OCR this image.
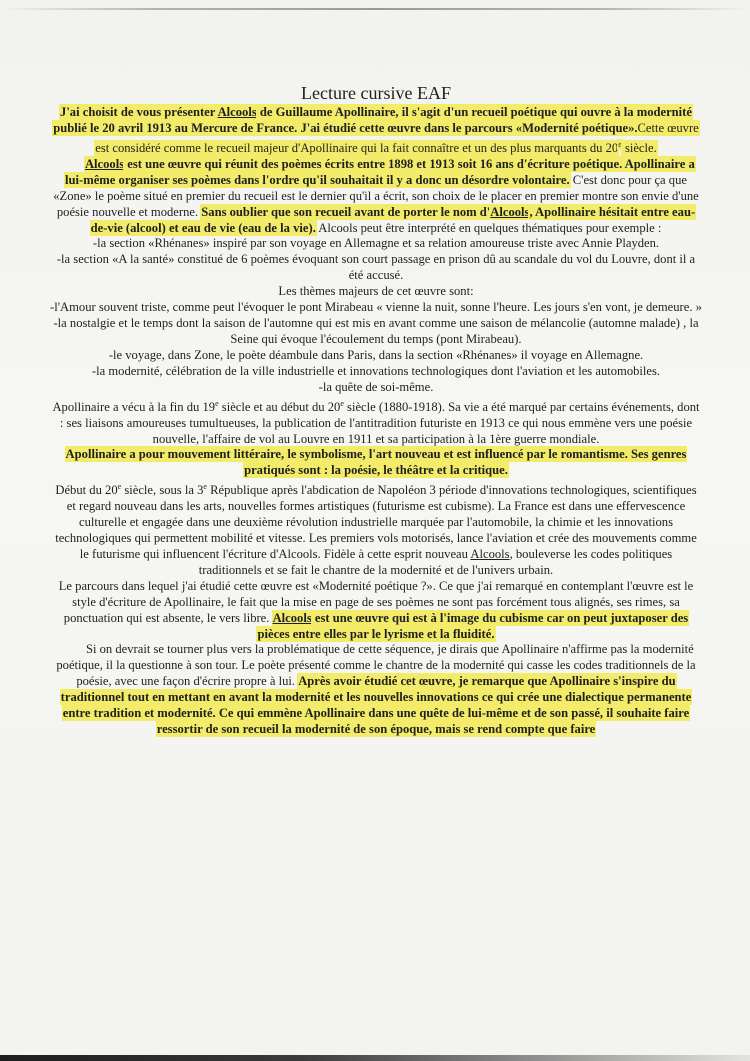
Lecture cursive EAF

J'ai choisit de vous présenter Alcools de Guillaume Apollinaire, il s'agit d'un recueil poétique qui ouvre à la modernité publié le 20 avril 1913 au Mercure de France. J'ai étudié cette œuvre dans le parcours «Modernité poétique».Cette œuvre est considéré comme le recueil majeur d'Apollinaire qui la fait connaître et un des plus marquants du 20e siècle.

Alcools est une œuvre qui réunit des poèmes écrits entre 1898 et 1913 soit 16 ans d'écriture poétique. Apollinaire a lui-même organiser ses poèmes dans l'ordre qu'il souhaitait il y a donc un désordre volontaire. C'est donc pour ça que «Zone» le poème situé en premier du recueil est le dernier qu'il a écrit, son choix de le placer en premier montre son envie d'une poésie nouvelle et moderne. Sans oublier que son recueil avant de porter le nom d'Alcools, Apollinaire hésitait entre eau-de-vie (alcool) et eau de vie (eau de la vie). Alcools peut être interprété en quelques thématiques pour exemple :

-la section «Rhénanes» inspiré par son voyage en Allemagne et sa relation amoureuse triste avec Annie Playden.

-la section «A la santé» constitué de 6 poèmes évoquant son court passage en prison dû au scandale du vol du Louvre, dont il a été accusé.

Les thèmes majeurs de cet œuvre sont:

-l'Amour souvent triste, comme peut l'évoquer le pont Mirabeau « vienne la nuit, sonne l'heure. Les jours s'en vont, je demeure. »

-la nostalgie et le temps dont la saison de l'automne qui est mis en avant comme une saison de mélancolie (automne malade) , la Seine qui évoque l'écoulement du temps (pont Mirabeau).

-le voyage, dans Zone, le poète déambule dans Paris, dans la section «Rhénanes» il voyage en Allemagne.

-la modernité, célébration de la ville industrielle et innovations technologiques dont l'aviation et les automobiles.

-la quête de soi-même.

Apollinaire a vécu à la fin du 19e siècle et au début du 20e siècle (1880-1918). Sa vie a été marqué par certains événements, dont : ses liaisons amoureuses tumultueuses, la publication de l'antitradition futuriste en 1913 ce qui nous emmène vers une poésie nouvelle, l'affaire de vol au Louvre en 1911 et sa participation à la 1ère guerre mondiale.

Apollinaire a pour mouvement littéraire, le symbolisme, l'art nouveau et est influencé par le romantisme. Ses genres pratiqués sont : la poésie, le théâtre et la critique.

Début du 20e siècle, sous la 3e République après l'abdication de Napoléon 3 période d'innovations technologiques, scientifiques et regard nouveau dans les arts, nouvelles formes artistiques (futurisme est cubisme). La France est dans une effervescence culturelle et engagée dans une deuxième révolution industrielle marquée par l'automobile, la chimie et les innovations technologiques qui permettent mobilité et vitesse. Les premiers vols motorisés, lance l'aviation et crée des mouvements comme le futurisme qui influencent l'écriture d'Alcools. Fidèle à cette esprit nouveau Alcools, bouleverse les codes politiques traditionnels et se fait le chantre de la modernité et de l'univers urbain.

Le parcours dans lequel j'ai étudié cette œuvre est «Modernité poétique ?». Ce que j'ai remarqué en contemplant l'œuvre est le style d'écriture de Apollinaire, le fait que la mise en page de ses poèmes ne sont pas forcément tous alignés, ses rimes, sa ponctuation qui est absente, le vers libre. Alcools est une œuvre qui est à l'image du cubisme car on peut juxtaposer des pièces entre elles par le lyrisme et la fluidité.

Si on devrait se tourner plus vers la problématique de cette séquence, je dirais que Apollinaire n'affirme pas la modernité poétique, il la questionne à son tour. Le poète présenté comme le chantre de la modernité qui casse les codes traditionnels de la poésie, avec une façon d'écrire propre à lui. Après avoir étudié cet œuvre, je remarque que Apollinaire s'inspire du traditionnel tout en mettant en avant la modernité et les nouvelles innovations ce qui crée une dialectique permanente entre tradition et modernité. Ce qui emmène Apollinaire dans une quête de lui-même et de son passé, il souhaite faire ressortir de son recueil la modernité de son époque, mais se rend compte que faire
